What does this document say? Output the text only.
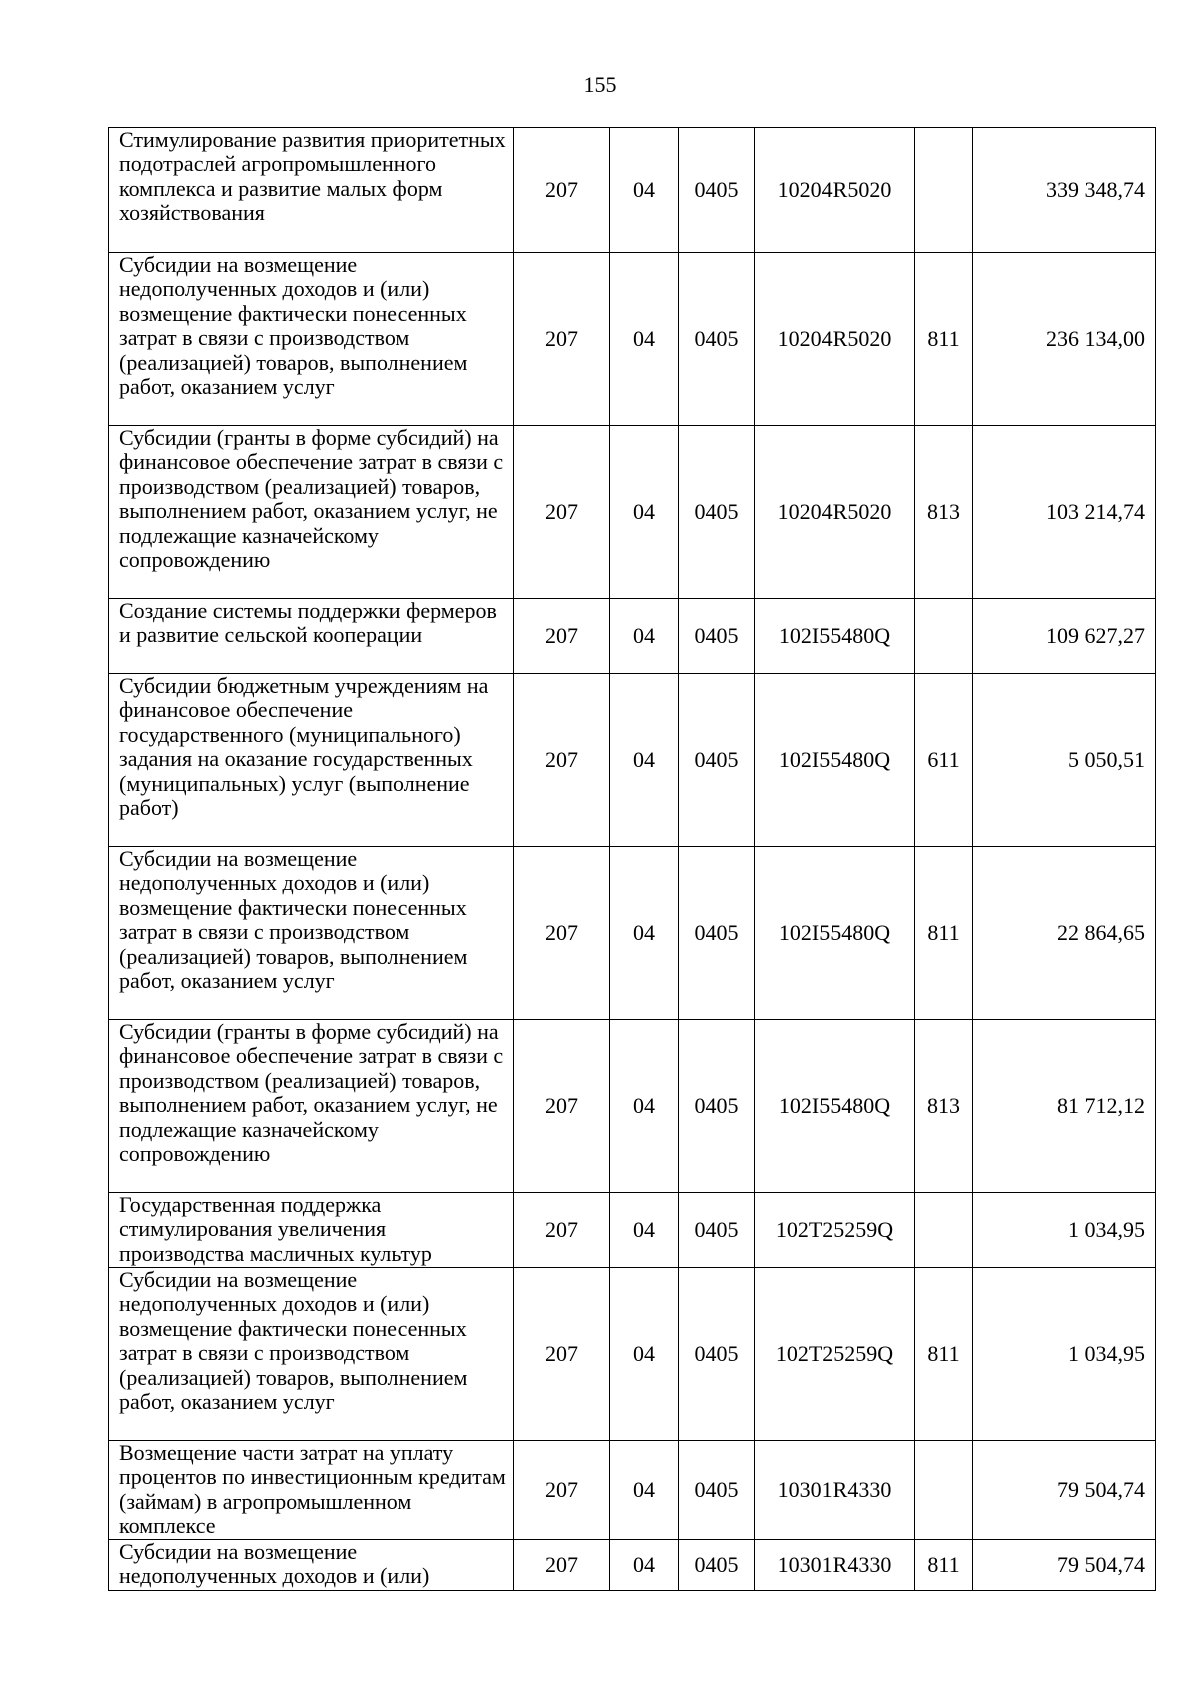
155
Стимулирование развития приоритетных подотраслей агропромышленного комплекса и развитие малых форм хозяйствования	207	04	0405	10204R5020		339 348,74
Субсидии на возмещение недополученных доходов и (или) возмещение фактически понесенных затрат в связи с производством (реализацией) товаров, выполнением работ, оказанием услуг	207	04	0405	10204R5020	811	236 134,00
Субсидии (гранты в форме субсидий) на финансовое обеспечение затрат в связи с производством (реализацией) товаров, выполнением работ, оказанием услуг, не подлежащие казначейскому сопровождению	207	04	0405	10204R5020	813	103 214,74
Создание системы поддержки фермеров и развитие сельской кооперации	207	04	0405	102I55480Q		109 627,27
Субсидии бюджетным учреждениям на финансовое обеспечение государственного (муниципального) задания на оказание государственных (муниципальных) услуг (выполнение работ)	207	04	0405	102I55480Q	611	5 050,51
Субсидии на возмещение недополученных доходов и (или) возмещение фактически понесенных затрат в связи с производством (реализацией) товаров, выполнением работ, оказанием услуг	207	04	0405	102I55480Q	811	22 864,65
Субсидии (гранты в форме субсидий) на финансовое обеспечение затрат в связи с производством (реализацией) товаров, выполнением работ, оказанием услуг, не подлежащие казначейскому сопровождению	207	04	0405	102I55480Q	813	81 712,12
Государственная поддержка стимулирования увеличения производства масличных культур	207	04	0405	102T25259Q		1 034,95
Субсидии на возмещение недополученных доходов и (или) возмещение фактически понесенных затрат в связи с производством (реализацией) товаров, выполнением работ, оказанием услуг	207	04	0405	102T25259Q	811	1 034,95
Возмещение части затрат на уплату процентов по инвестиционным кредитам (займам) в агропромышленном комплексе	207	04	0405	10301R4330		79 504,74
Субсидии на возмещение недополученных доходов и (или)	207	04	0405	10301R4330	811	79 504,74
